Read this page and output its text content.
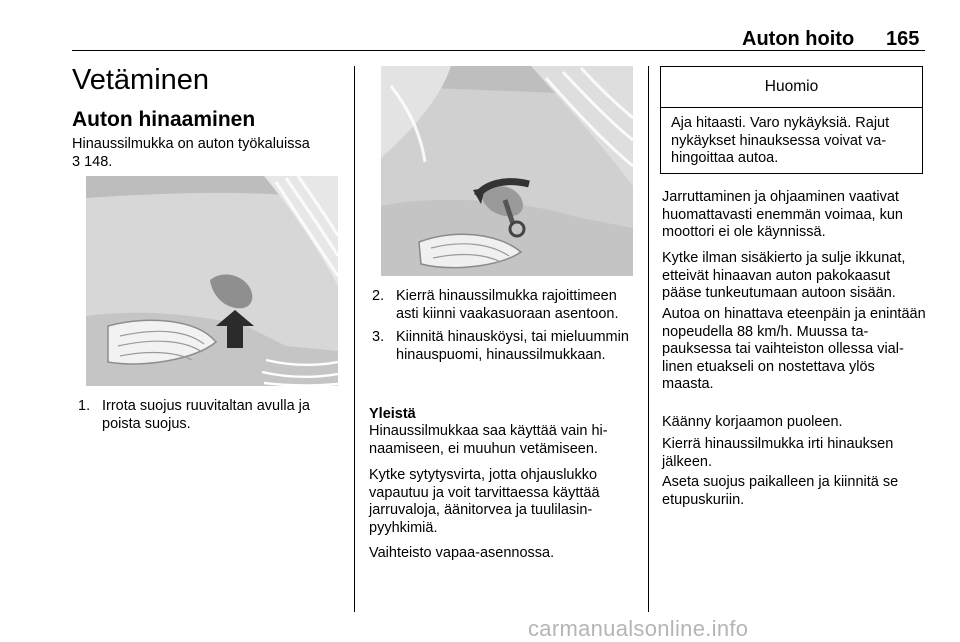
Auton hoito 165
Vetäminen
Auton hinaaminen
Hinaussilmukka on auton työkaluissa
3 148.
1. Irrota suojus ruuvitaltan avulla ja poista suojus.
2. Kierrä hinaussilmukka rajoittimeen asti kiinni vaakasuoraan asentoon.
3. Kiinnitä hinausköysi, tai mieluummin hinauspuomi, hinaussilmukkaan.
Yleistä
Hinaussilmukkaa saa käyttää vain hinaamiseen, ei muuhun vetämiseen.
Kytke sytytysvirta, jotta ohjauslukko vapautuu ja voit tarvittaessa käyttää jarruvaloja, äänitorvea ja tuulilasinpyyhkimiä.
Vaihteisto vapaa-asennossa.
Huomio
Aja hitaasti. Varo nykäyksiä. Rajut nykäykset hinauksessa voivat vahingoittaa autoa.
Jarruttaminen ja ohjaaminen vaativat huomattavasti enemmän voimaa, kun moottori ei ole käynnissä.
Kytke ilman sisäkierto ja sulje ikkunat, etteivät hinaavan auton pakokaasut pääse tunkeutumaan autoon sisään.
Autoa on hinattava eteenpäin ja enintään nopeudella 88 km/h. Muussa tapauksessa tai vaihteiston ollessa viallinen etuakseli on nostettava ylös maasta.
Käänny korjaamon puoleen.
Kierrä hinaussilmukka irti hinauksen jälkeen.
Aseta suojus paikalleen ja kiinnitä se etupuskuriin.
carmanualsonline.info
